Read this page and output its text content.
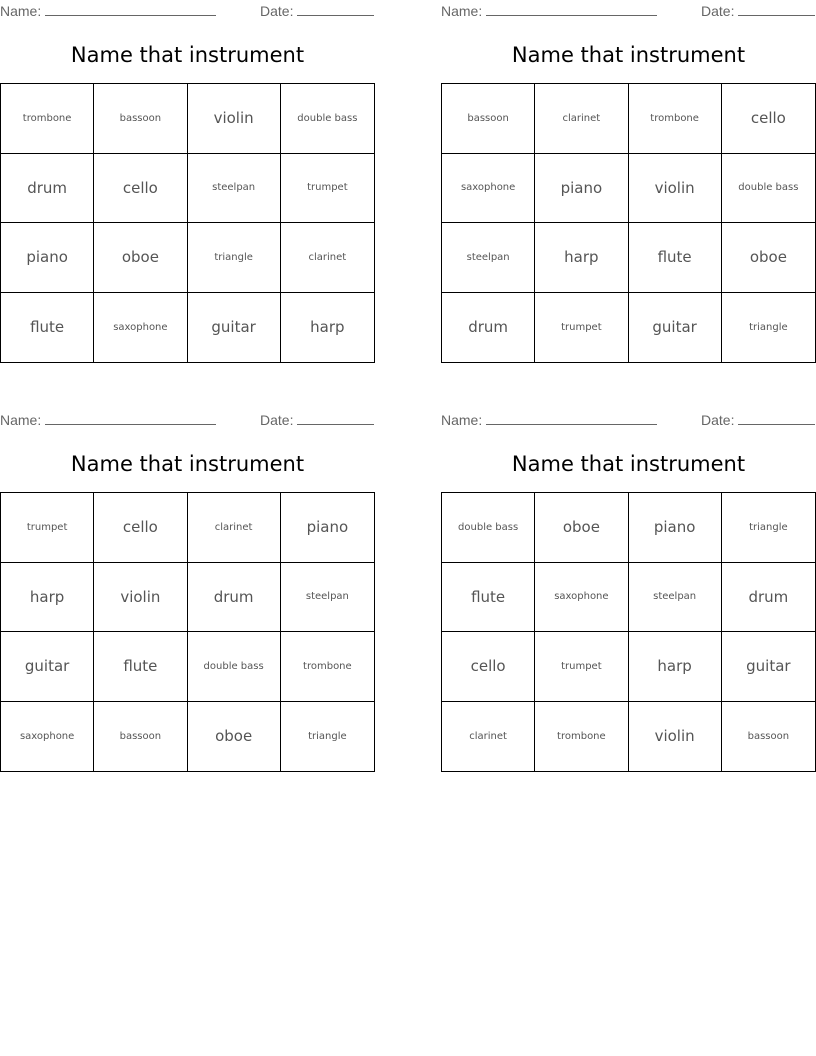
Name:	Date:
Name that instrument
trombone	bassoon	violin	double bass
drum	cello	steelpan	trumpet
piano	oboe	triangle	clarinet
flute	saxophone	guitar	harp
Name:	Date:
Name that instrument
bassoon	clarinet	trombone	cello
saxophone	piano	violin	double bass
steelpan	harp	flute	oboe
drum	trumpet	guitar	triangle
Name:	Date:
Name that instrument
trumpet	cello	clarinet	piano
harp	violin	drum	steelpan
guitar	flute	double bass	trombone
saxophone	bassoon	oboe	triangle
Name:	Date:
Name that instrument
double bass	oboe	piano	triangle
flute	saxophone	steelpan	drum
cello	trumpet	harp	guitar
clarinet	trombone	violin	bassoon
